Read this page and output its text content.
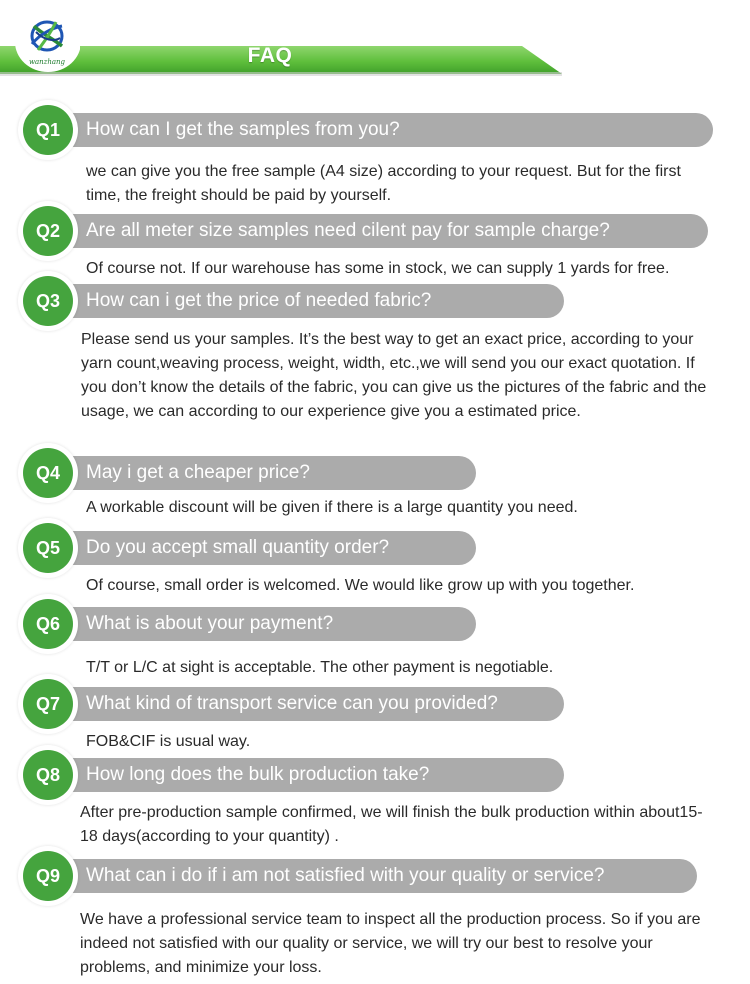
wanzhang	FAQ
Q1	How can I get the samples from you?
we can give you the free sample (A4 size) according to your request. But for the first time, the freight should be paid by yourself.
Q2	Are all meter size samples need cilent pay for sample charge?
Of course not. If our warehouse has some in stock, we can supply 1 yards for free.
Q3	How can i get the price of needed fabric?
Please send us your samples. It’s the best way to get an exact price, according to your yarn count,weaving process, weight, width, etc.,we will send you our exact quotation. If you don’t know the details of the fabric, you can give us the pictures of the fabric and the usage, we can according to our experience give you a estimated price.
Q4	May i get a cheaper price?
A workable discount will be given if there is a large quantity you need.
Q5	Do you accept small quantity order?
Of course, small order is welcomed. We would like grow up with you together.
Q6	What is about your payment?
T/T or L/C at sight is acceptable. The other payment is negotiable.
Q7	What kind of transport service can you provided?
FOB&CIF is usual way.
Q8	How long does the bulk production take?
After pre-production sample confirmed, we will finish the bulk production within about15-18 days(according to your quantity) .
Q9	What can i do if i am not satisfied with your quality or service?
We have a professional service team to inspect all the production process. So if you are indeed not satisfied with our quality or service, we will try our best to resolve your problems, and minimize your loss.
